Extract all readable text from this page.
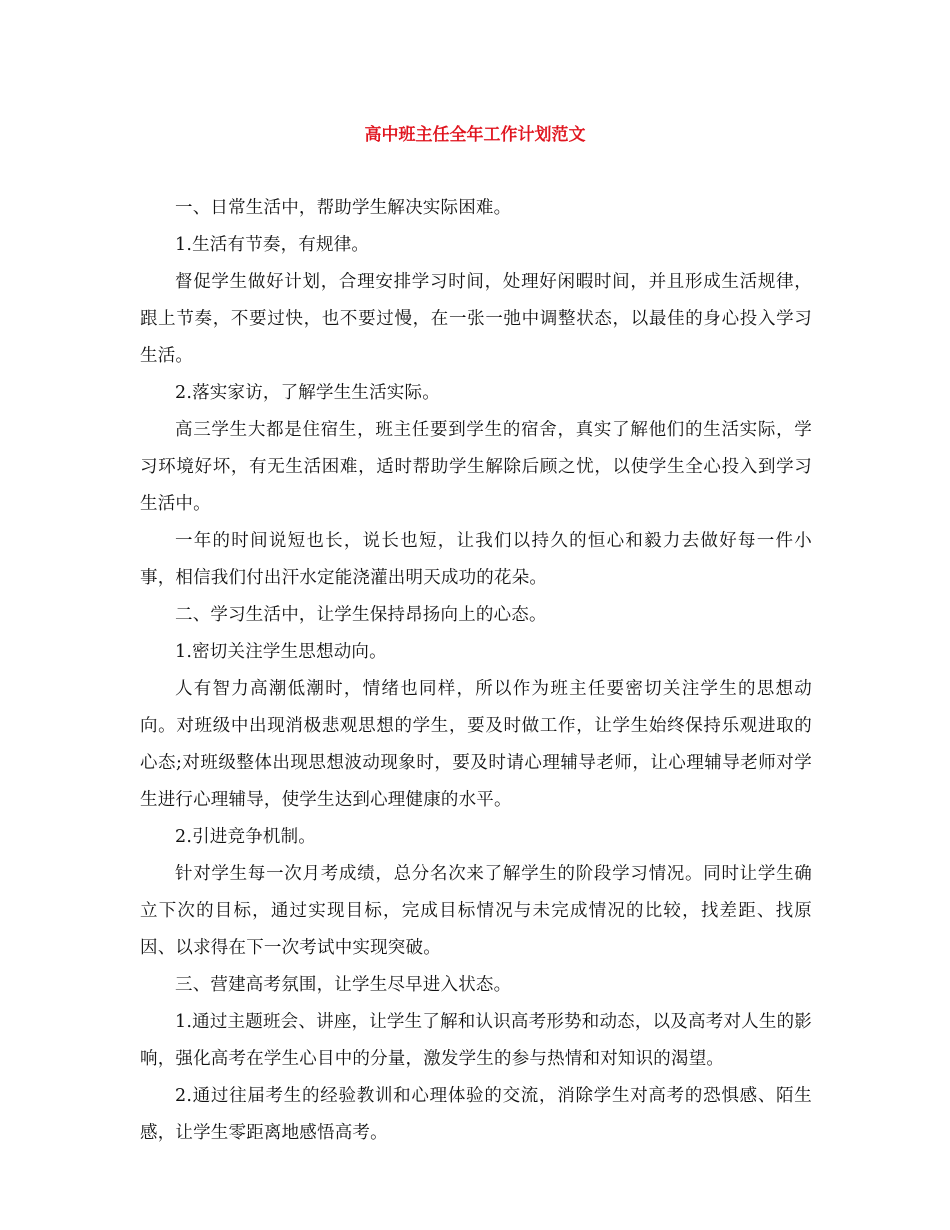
高中班主任全年工作计划范文

一、日常生活中，帮助学生解决实际困难。

1.生活有节奏，有规律。

督促学生做好计划，合理安排学习时间，处理好闲暇时间，并且形成生活规律，跟上节奏，不要过快，也不要过慢，在一张一弛中调整状态，以最佳的身心投入学习生活。

2.落实家访，了解学生生活实际。

高三学生大都是住宿生，班主任要到学生的宿舍，真实了解他们的生活实际，学习环境好坏，有无生活困难，适时帮助学生解除后顾之忧，以使学生全心投入到学习生活中。

一年的时间说短也长，说长也短，让我们以持久的恒心和毅力去做好每一件小事，相信我们付出汗水定能浇灌出明天成功的花朵。

二、学习生活中，让学生保持昂扬向上的心态。

1.密切关注学生思想动向。

人有智力高潮低潮时，情绪也同样，所以作为班主任要密切关注学生的思想动向。对班级中出现消极悲观思想的学生，要及时做工作，让学生始终保持乐观进取的心态;对班级整体出现思想波动现象时，要及时请心理辅导老师，让心理辅导老师对学生进行心理辅导，使学生达到心理健康的水平。

2.引进竞争机制。

针对学生每一次月考成绩，总分名次来了解学生的阶段学习情况。同时让学生确立下次的目标，通过实现目标，完成目标情况与未完成情况的比较，找差距、找原因、以求得在下一次考试中实现突破。

三、营建高考氛围，让学生尽早进入状态。

1.通过主题班会、讲座，让学生了解和认识高考形势和动态，以及高考对人生的影响，强化高考在学生心目中的分量，激发学生的参与热情和对知识的渴望。

2.通过往届考生的经验教训和心理体验的交流，消除学生对高考的恐惧感、陌生感，让学生零距离地感悟高考。
